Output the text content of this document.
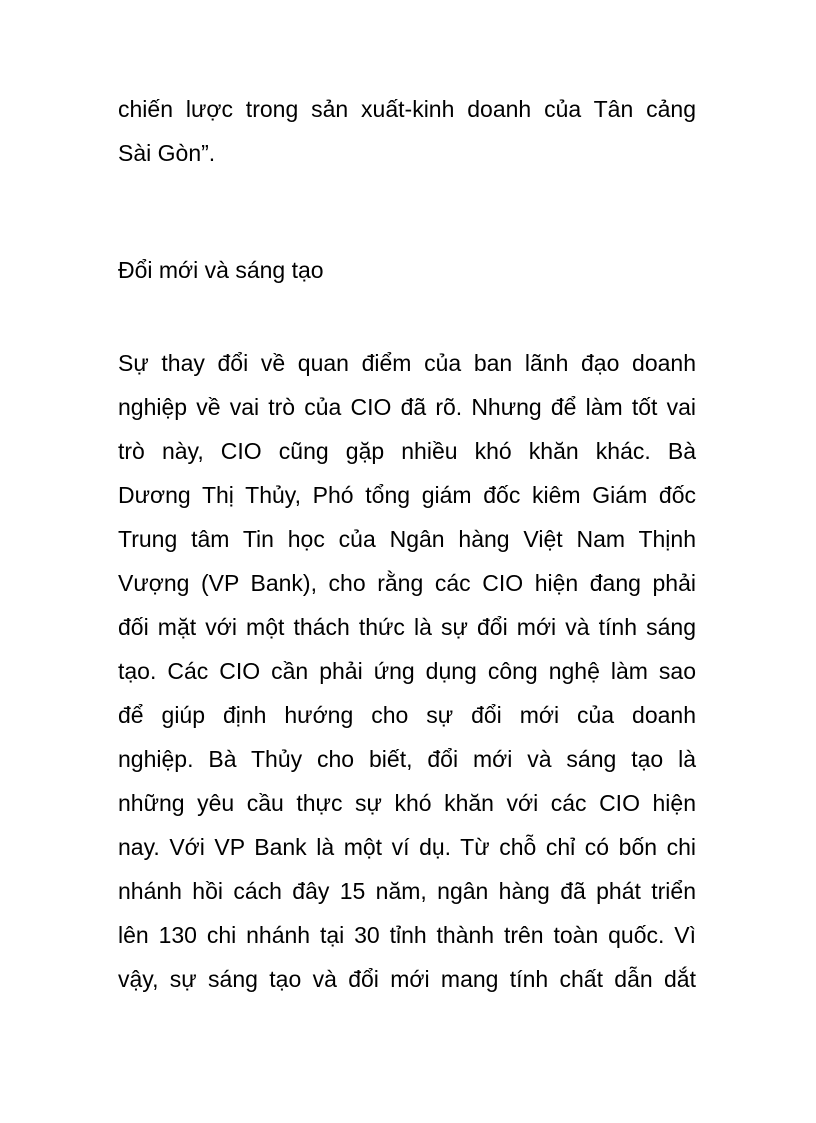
chiến lược trong sản xuất-kinh doanh của Tân cảng
Sài Gòn”.
Đổi mới và sáng tạo
Sự thay đổi về quan điểm của ban lãnh đạo doanh
nghiệp về vai trò của CIO đã rõ. Nhưng để làm tốt vai
trò này, CIO cũng gặp nhiều khó khăn khác. Bà
Dương Thị Thủy, Phó tổng giám đốc kiêm Giám đốc
Trung tâm Tin học của Ngân hàng Việt Nam Thịnh
Vượng (VP Bank), cho rằng các CIO hiện đang phải
đối mặt với một thách thức là sự đổi mới và tính sáng
tạo. Các CIO cần phải ứng dụng công nghệ làm sao
để giúp định hướng cho sự đổi mới của doanh
nghiệp. Bà Thủy cho biết, đổi mới và sáng tạo là
những yêu cầu thực sự khó khăn với các CIO hiện
nay. Với VP Bank là một ví dụ. Từ chỗ chỉ có bốn chi
nhánh hồi cách đây 15 năm, ngân hàng đã phát triển
lên 130 chi nhánh tại 30 tỉnh thành trên toàn quốc. Vì
vậy, sự sáng tạo và đổi mới mang tính chất dẫn dắt
